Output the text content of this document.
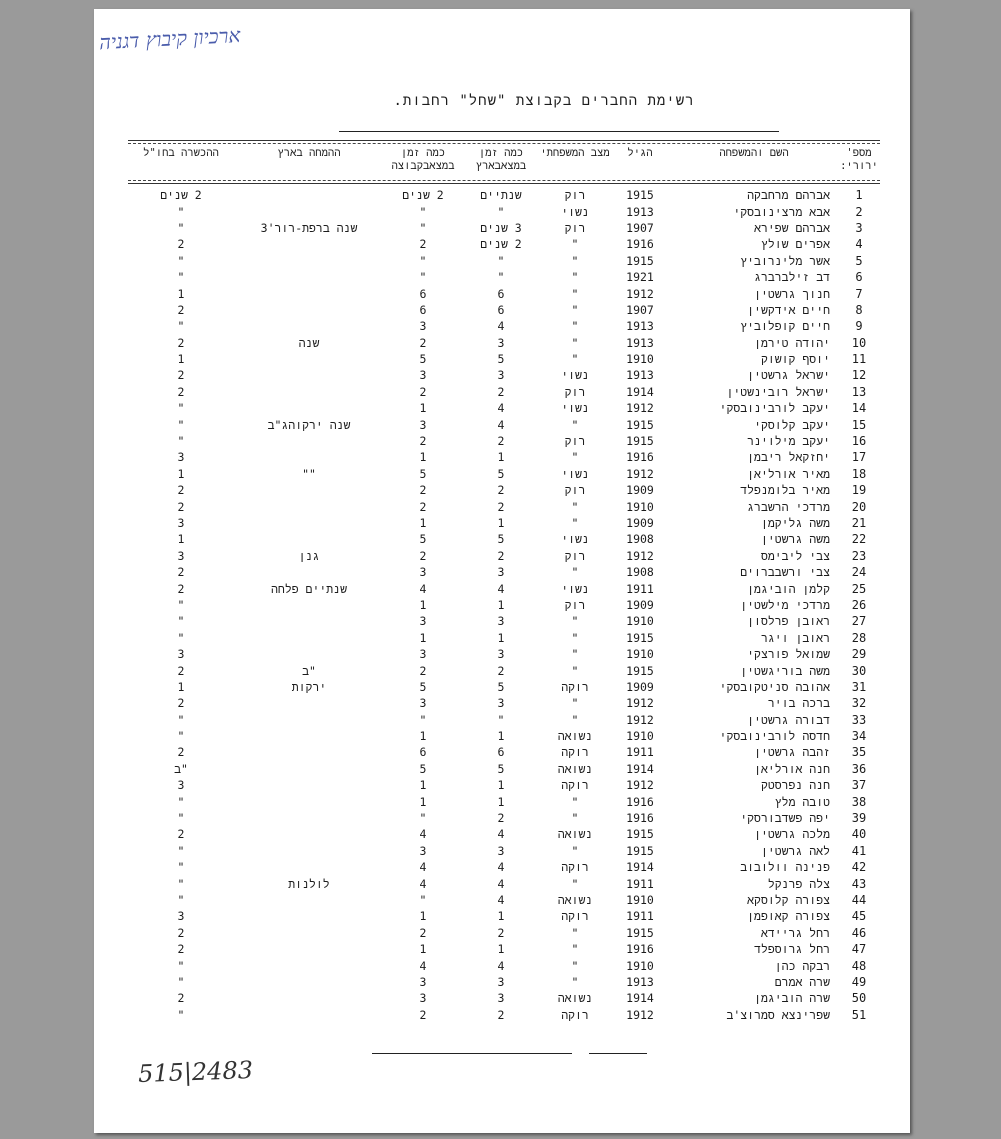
ארכיון קיבוץ דגניה
רשימת החברים בקבוצת "שחל" רחבות.
מספ' ירורי:
השם והמשפחה
הגיל
מצב המשפחתי
כמה זמן במצאבארץ
כמה זמן במצאבקבוצה
ההמחה בארץ
ההכשרה בחו"ל
1	אברהם מרחבקה	1915	רוק	שנתיים	2 שנים		2 שנים
2	אבא מרצינובסקי	1913	נשוי	"	"		"
3	אברהם שפירא	1907	רוק	3 שנים	"	שנה ברפת-רור'3	"
4	אפרים שולץ	1916	"	2 שנים	2		2
5	אשר מלינרוביץ	1915	"	"	"		"
6	דב זילברברג	1921	"	"	"		"
7	חנוך גרשטין	1912	"	6	6		1
8	חיים אידקשין	1907	"	6	6		2
9	חיים קופלוביץ	1913	"	4	3		"
10	יהודה טירמן	1913	"	3	2	שנה	2
11	יוסף קושוק	1910	"	5	5		1
12	ישראל גרשטין	1913	נשוי	3	3		2
13	ישראל רובינשטין	1914	רוק	2	2		2
14	יעקב לורבינובסקי	1912	נשוי	4	1		"
15	יעקב קלוסקי	1915	"	4	3	שנה ירקוהג"ב	"
16	יעקב מילוינר	1915	רוק	2	2		"
17	יחזקאל ריבמן	1916	"	1	1		3
18	מאיר אורליאן	1912	נשוי	5	5	""	1
19	מאיר בלומנפלד	1909	רוק	2	2		2
20	מרדכי הרשברג	1910	"	2	2		2
21	משה גליקמן	1909	"	1	1		3
22	משה גרשטין	1908	נשוי	5	5		1
23	צבי ליבימס	1912	רוק	2	2	גנן	3
24	צבי ורשבברוים	1908	"	3	3		2
25	קלמן הוביגמן	1911	נשוי	4	4	שנתיים פלחה	2
26	מרדכי מילשטין	1909	רוק	1	1		"
27	ראובן פרלסון	1910	"	3	3		"
28	ראובן ויגר	1915	"	1	1		"
29	שמואל פורצקי	1910	"	3	3		3
30	משה בוריגשטין	1915	"	2	2	"ב	2
31	אהובה סניטקובסקי	1909	רוקה	5	5	ירקות	1
32	ברכה בויר	1912	"	3	3		2
33	דבורה גרשטין	1912	"	"	"		"
34	חדסה לורבינובסקי	1910	נשואה	1	1		"
35	זהבה גרשטין	1911	רוקה	6	6		2
36	חנה אורליאן	1914	נשואה	5	5		"ב
37	חנה נפרסטק	1912	רוקה	1	1		3
38	טובה מלץ	1916	"	1	1		"
39	יפה פשדבורסקי	1916	"	2	"		"
40	מלכה גרשטין	1915	נשואה	4	4		2
41	לאה גרשטין	1915	"	3	3		"
42	פנינה וולובוב	1914	רוקה	4	4		"
43	צלה פרנקל	1911	"	4	4	לולנות	"
44	צפורה קלוסקא	1910	נשואה	4	"		"
45	צפורה קאופמן	1911	רוקה	1	1		3
46	רחל גריידא	1915	"	2	2		2
47	רחל גרוספלד	1916	"	1	1		2
48	רבקה כהן	1910	"	4	4		"
49	שרה אמרם	1913	"	3	3		"
50	שרה הוביגמן	1914	נשואה	3	3		2
51	שפרינצא סמרוצ'ב	1912	רוקה	2	2		"
515|2483
